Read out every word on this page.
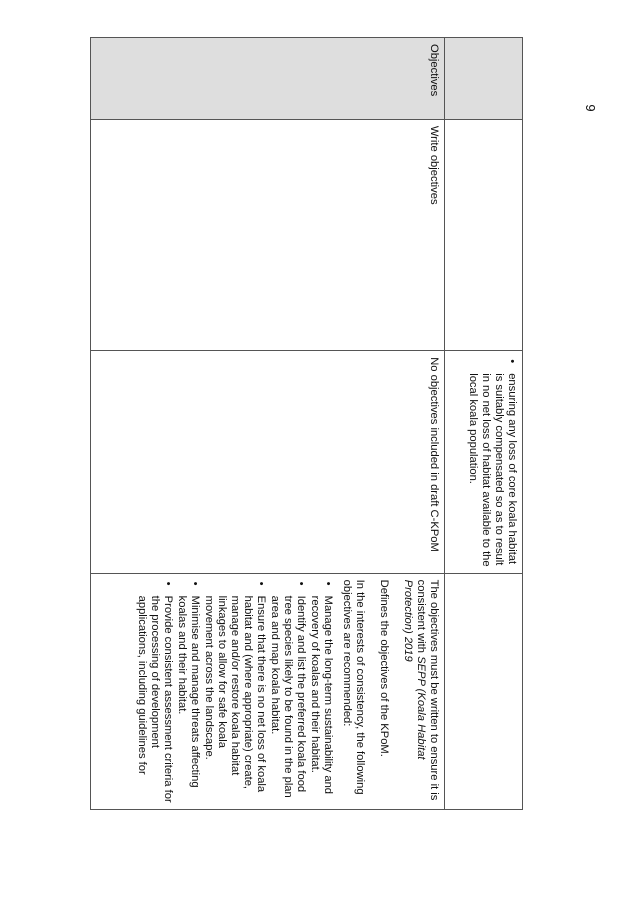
9
• ensuring any loss of core koala habitat is suitably compensated so as to result in no net loss of habitat available to the local koala population.
Objectives
Write objectives
No objectives included in draft C-KPoM

The objectives must be written to ensure it is consistent with SEPP (Koala Habitat Protection) 2019

Defines the objectives of the KPoM.

In the interests of consistency, the following objectives are recommended:

• Manage the long-term sustainability and recovery of koalas and their habitat.
• Identify and list the preferred koala food tree species likely to be found in the plan area and map koala habitat.
• Ensure that there is no net loss of koala habitat and (where appropriate) create, manage and/or restore koala habitat linkages to allow for safe koala movement across the landscape.
• Minimise and manage threats affecting koalas and their habitat.
• Provide consistent assessment criteria for the processing of development applications, including guidelines for
